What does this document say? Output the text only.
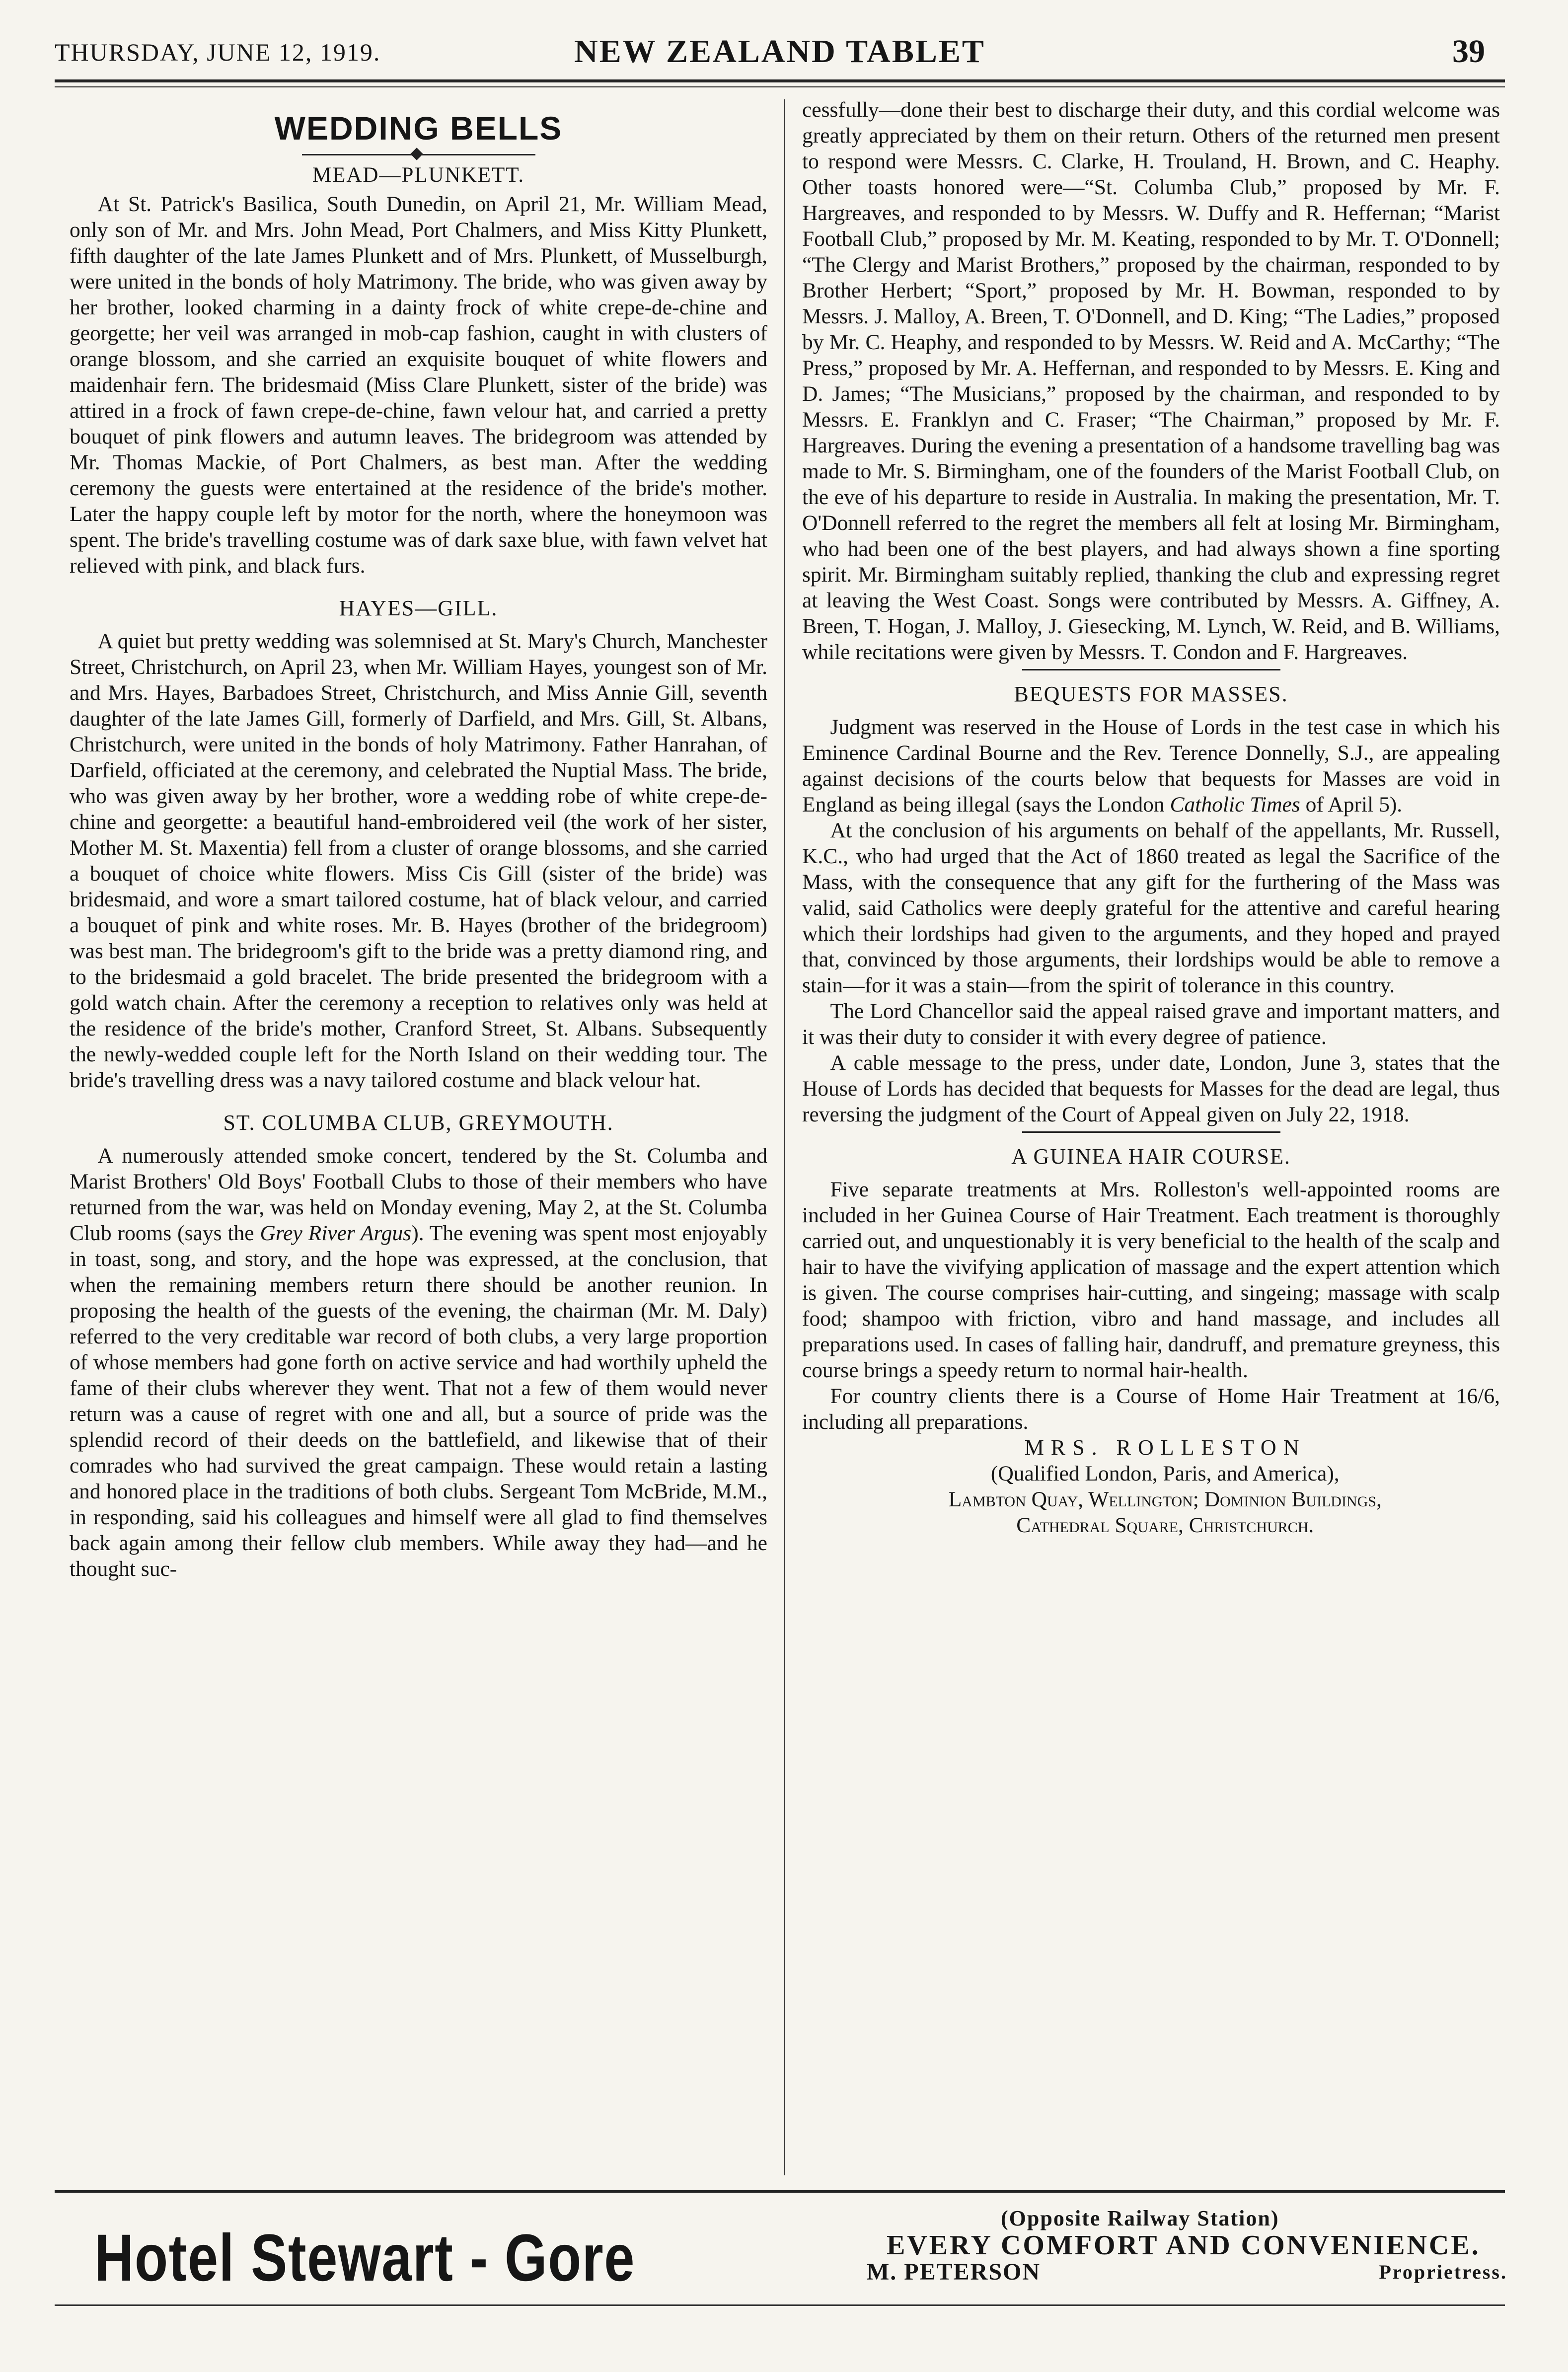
THURSDAY, JUNE 12, 1919.	NEW ZEALAND TABLET	39
WEDDING BELLS
MEAD—PLUNKETT.

At St. Patrick's Basilica, South Dunedin, on April 21, Mr. William Mead, only son of Mr. and Mrs. John Mead, Port Chalmers, and Miss Kitty Plunkett, fifth daughter of the late James Plunkett and of Mrs. Plunkett, of Musselburgh, were united in the bonds of holy Matrimony. The bride, who was given away by her brother, looked charming in a dainty frock of white crepe-de-chine and georgette; her veil was arranged in mob-cap fashion, caught in with clusters of orange blossom, and she carried an exquisite bouquet of white flowers and maidenhair fern. The bridesmaid (Miss Clare Plunkett, sister of the bride) was attired in a frock of fawn crepe-de-chine, fawn velour hat, and carried a pretty bouquet of pink flowers and autumn leaves. The bridegroom was attended by Mr. Thomas Mackie, of Port Chalmers, as best man. After the wedding ceremony the guests were entertained at the residence of the bride's mother. Later the happy couple left by motor for the north, where the honeymoon was spent. The bride's travelling costume was of dark saxe blue, with fawn velvet hat relieved with pink, and black furs.

HAYES—GILL.

A quiet but pretty wedding was solemnised at St. Mary's Church, Manchester Street, Christchurch, on April 23, when Mr. William Hayes, youngest son of Mr. and Mrs. Hayes, Barbadoes Street, Christchurch, and Miss Annie Gill, seventh daughter of the late James Gill, formerly of Darfield, and Mrs. Gill, St. Albans, Christchurch, were united in the bonds of holy Matrimony. Father Hanrahan, of Darfield, officiated at the ceremony, and celebrated the Nuptial Mass. The bride, who was given away by her brother, wore a wedding robe of white crepe-de-chine and georgette: a beautiful hand-embroidered veil (the work of her sister, Mother M. St. Maxentia) fell from a cluster of orange blossoms, and she carried a bouquet of choice white flowers. Miss Cis Gill (sister of the bride) was bridesmaid, and wore a smart tailored costume, hat of black velour, and carried a bouquet of pink and white roses. Mr. B. Hayes (brother of the bridegroom) was best man. The bridegroom's gift to the bride was a pretty diamond ring, and to the bridesmaid a gold bracelet. The bride presented the bridegroom with a gold watch chain. After the ceremony a reception to relatives only was held at the residence of the bride's mother, Cranford Street, St. Albans. Subsequently the newly-wedded couple left for the North Island on their wedding tour. The bride's travelling dress was a navy tailored costume and black velour hat.

ST. COLUMBA CLUB, GREYMOUTH.

A numerously attended smoke concert, tendered by the St. Columba and Marist Brothers' Old Boys' Football Clubs to those of their members who have returned from the war, was held on Monday evening, May 2, at the St. Columba Club rooms (says the Grey River Argus). The evening was spent most enjoyably in toast, song, and story, and the hope was expressed, at the conclusion, that when the remaining members return there should be another reunion. In proposing the health of the guests of the evening, the chairman (Mr. M. Daly) referred to the very creditable war record of both clubs, a very large proportion of whose members had gone forth on active service and had worthily upheld the fame of their clubs wherever they went. That not a few of them would never return was a cause of regret with one and all, but a source of pride was the splendid record of their deeds on the battlefield, and likewise that of their comrades who had survived the great campaign. These would retain a lasting and honored place in the traditions of both clubs. Sergeant Tom McBride, M.M., in responding, said his colleagues and himself were all glad to find themselves back again among their fellow club members. While away they had—and he thought suc-

cessfully—done their best to discharge their duty, and this cordial welcome was greatly appreciated by them on their return. Others of the returned men present to respond were Messrs. C. Clarke, H. Trouland, H. Brown, and C. Heaphy. Other toasts honored were—“St. Columba Club,” proposed by Mr. F. Hargreaves, and responded to by Messrs. W. Duffy and R. Heffernan; “Marist Football Club,” proposed by Mr. M. Keating, responded to by Mr. T. O'Donnell; “The Clergy and Marist Brothers,” proposed by the chairman, responded to by Brother Herbert; “Sport,” proposed by Mr. H. Bowman, responded to by Messrs. J. Malloy, A. Breen, T. O'Donnell, and D. King; “The Ladies,” proposed by Mr. C. Heaphy, and responded to by Messrs. W. Reid and A. McCarthy; “The Press,” proposed by Mr. A. Heffernan, and responded to by Messrs. E. King and D. James; “The Musicians,” proposed by the chairman, and responded to by Messrs. E. Franklyn and C. Fraser; “The Chairman,” proposed by Mr. F. Hargreaves. During the evening a presentation of a handsome travelling bag was made to Mr. S. Birmingham, one of the founders of the Marist Football Club, on the eve of his departure to reside in Australia. In making the presentation, Mr. T. O'Donnell referred to the regret the members all felt at losing Mr. Birmingham, who had been one of the best players, and had always shown a fine sporting spirit. Mr. Birmingham suitably replied, thanking the club and expressing regret at leaving the West Coast. Songs were contributed by Messrs. A. Giffney, A. Breen, T. Hogan, J. Malloy, J. Giesecking, M. Lynch, W. Reid, and B. Williams, while recitations were given by Messrs. T. Condon and F. Hargreaves.

BEQUESTS FOR MASSES.

Judgment was reserved in the House of Lords in the test case in which his Eminence Cardinal Bourne and the Rev. Terence Donnelly, S.J., are appealing against decisions of the courts below that bequests for Masses are void in England as being illegal (says the London Catholic Times of April 5).

At the conclusion of his arguments on behalf of the appellants, Mr. Russell, K.C., who had urged that the Act of 1860 treated as legal the Sacrifice of the Mass, with the consequence that any gift for the furthering of the Mass was valid, said Catholics were deeply grateful for the attentive and careful hearing which their lordships had given to the arguments, and they hoped and prayed that, convinced by those arguments, their lordships would be able to remove a stain—for it was a stain—from the spirit of tolerance in this country.

The Lord Chancellor said the appeal raised grave and important matters, and it was their duty to consider it with every degree of patience.

A cable message to the press, under date, London, June 3, states that the House of Lords has decided that bequests for Masses for the dead are legal, thus reversing the judgment of the Court of Appeal given on July 22, 1918.

A GUINEA HAIR COURSE.

Five separate treatments at Mrs. Rolleston's well-appointed rooms are included in her Guinea Course of Hair Treatment. Each treatment is thoroughly carried out, and unquestionably it is very beneficial to the health of the scalp and hair to have the vivifying application of massage and the expert attention which is given. The course comprises hair-cutting, and singeing; massage with scalp food; shampoo with friction, vibro and hand massage, and includes all preparations used. In cases of falling hair, dandruff, and premature greyness, this course brings a speedy return to normal hair-health.

For country clients there is a Course of Home Hair Treatment at 16/6, including all preparations.

MRS. ROLLESTON

(Qualified London, Paris, and America),

Lambton Quay, Wellington; Dominion Buildings,

Cathedral Square, Christchurch.

Hotel Stewart - Gore
(Opposite Railway Station)
EVERY COMFORT AND CONVENIENCE.
M. PETERSON	Proprietress.
